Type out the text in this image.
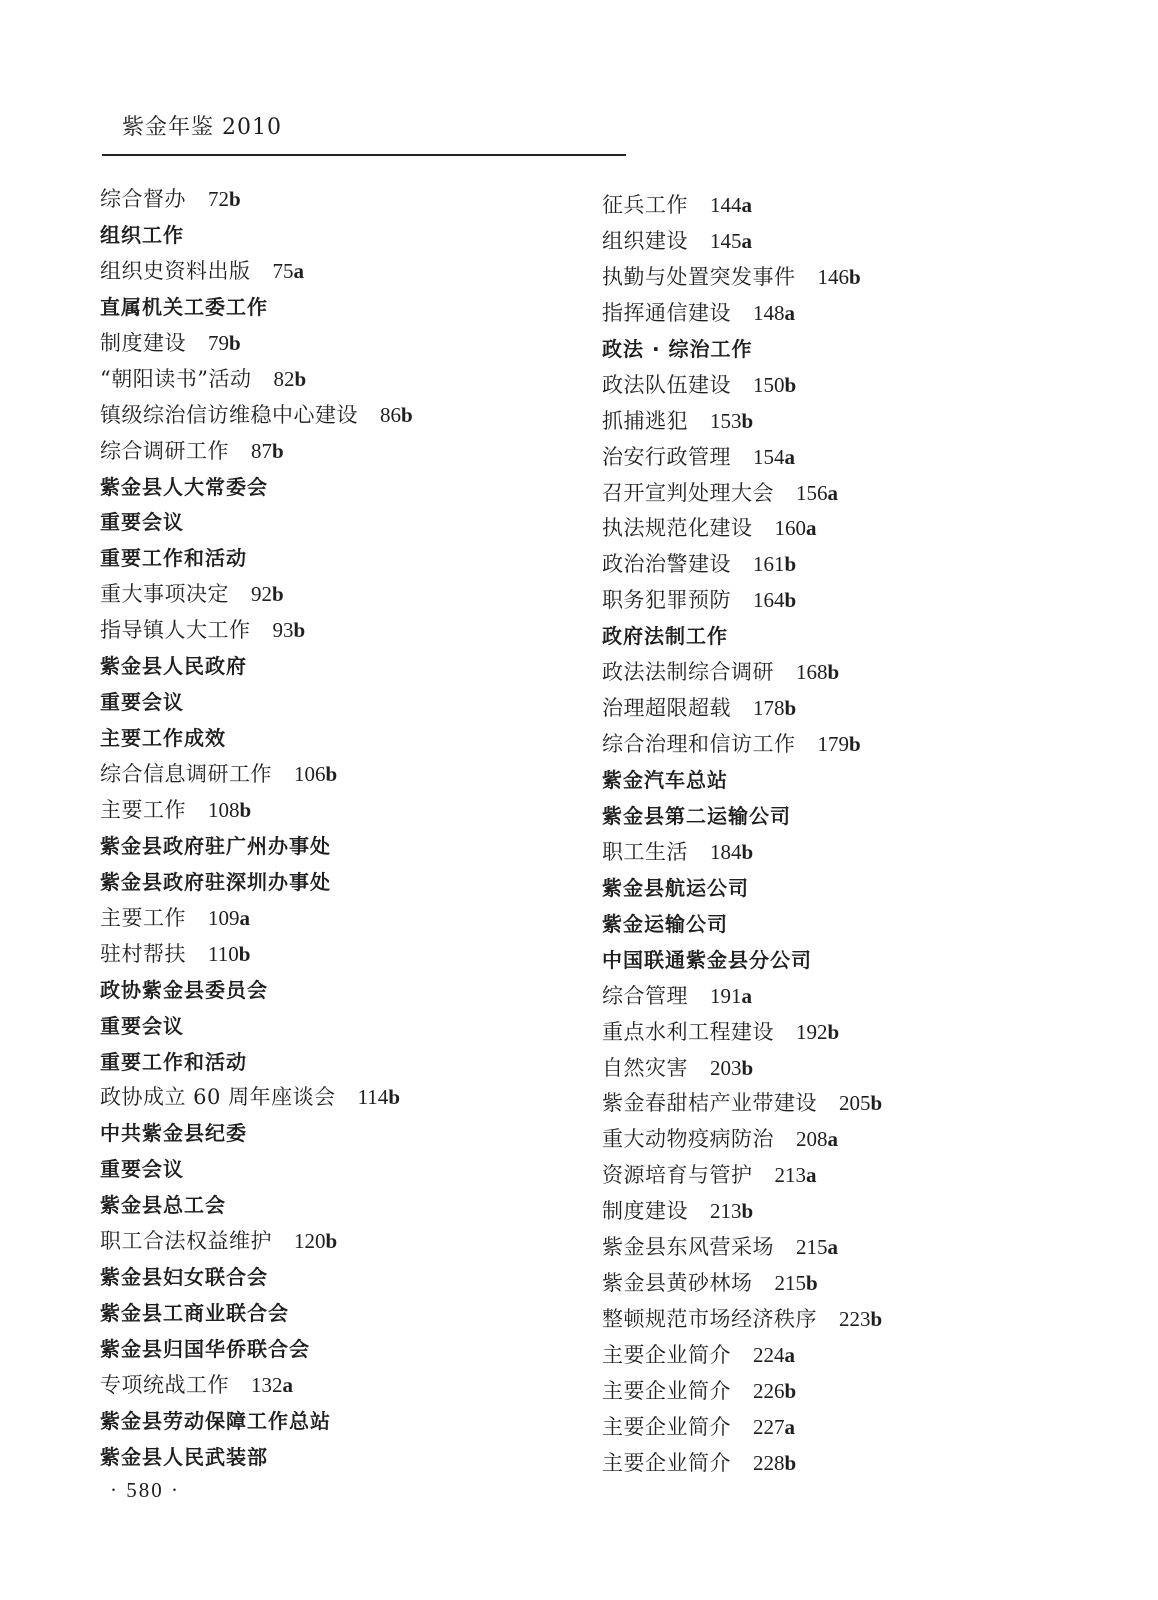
紫金年鉴 2010
综合督办 72b
组织工作
组织史资料出版 75a
直属机关工委工作
制度建设 79b
“朝阳读书”活动 82b
镇级综治信访维稳中心建设 86b
综合调研工作 87b
紫金县人大常委会
重要会议
重要工作和活动
重大事项决定 92b
指导镇人大工作 93b
紫金县人民政府
重要会议
主要工作成效
综合信息调研工作 106b
主要工作 108b
紫金县政府驻广州办事处
紫金县政府驻深圳办事处
主要工作 109a
驻村帮扶 110b
政协紫金县委员会
重要会议
重要工作和活动
政协成立 60 周年座谈会 114b
中共紫金县纪委
重要会议
紫金县总工会
职工合法权益维护 120b
紫金县妇女联合会
紫金县工商业联合会
紫金县归国华侨联合会
专项统战工作 132a
紫金县劳动保障工作总站
紫金县人民武装部
征兵工作 144a
组织建设 145a
执勤与处置突发事件 146b
指挥通信建设 148a
政法 · 综治工作
政法队伍建设 150b
抓捕逃犯 153b
治安行政管理 154a
召开宣判处理大会 156a
执法规范化建设 160a
政治治警建设 161b
职务犯罪预防 164b
政府法制工作
政法法制综合调研 168b
治理超限超载 178b
综合治理和信访工作 179b
紫金汽车总站
紫金县第二运输公司
职工生活 184b
紫金县航运公司
紫金运输公司
中国联通紫金县分公司
综合管理 191a
重点水利工程建设 192b
自然灾害 203b
紫金春甜桔产业带建设 205b
重大动物疫病防治 208a
资源培育与管护 213a
制度建设 213b
紫金县东风营采场 215a
紫金县黄砂林场 215b
整顿规范市场经济秩序 223b
主要企业简介 224a
主要企业简介 226b
主要企业简介 227a
主要企业简介 228b
· 580 ·
